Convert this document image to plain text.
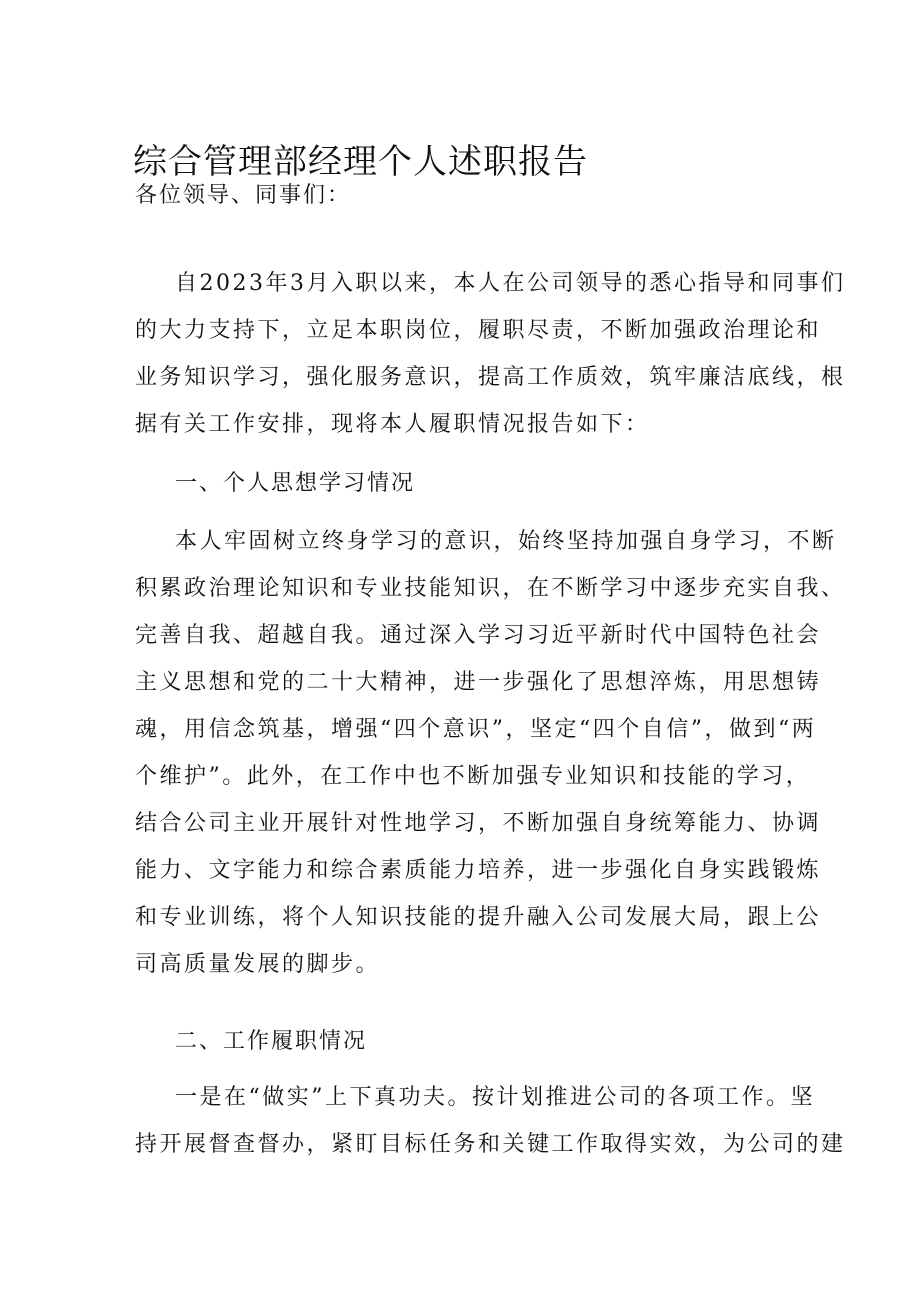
综合管理部经理个人述职报告

各位领导、同事们：

自2023年3月入职以来，本人在公司领导的悉心指导和同事们
的大力支持下，立足本职岗位，履职尽责，不断加强政治理论和
业务知识学习，强化服务意识，提高工作质效，筑牢廉洁底线，根
据有关工作安排，现将本人履职情况报告如下：
一、个人思想学习情况
本人牢固树立终身学习的意识，始终坚持加强自身学习，不断
积累政治理论知识和专业技能知识，在不断学习中逐步充实自我、
完善自我、超越自我。通过深入学习习近平新时代中国特色社会
主义思想和党的二十大精神，进一步强化了思想淬炼，用思想铸
魂，用信念筑基，增强“四个意识”，坚定“四个自信”，做到“两
个维护”。此外，在工作中也不断加强专业知识和技能的学习，
结合公司主业开展针对性地学习，不断加强自身统筹能力、协调
能力、文字能力和综合素质能力培养，进一步强化自身实践锻炼
和专业训练，将个人知识技能的提升融入公司发展大局，跟上公
司高质量发展的脚步。
二、工作履职情况
一是在“做实”上下真功夫。按计划推进公司的各项工作。坚
持开展督查督办，紧盯目标任务和关键工作取得实效，为公司的建
